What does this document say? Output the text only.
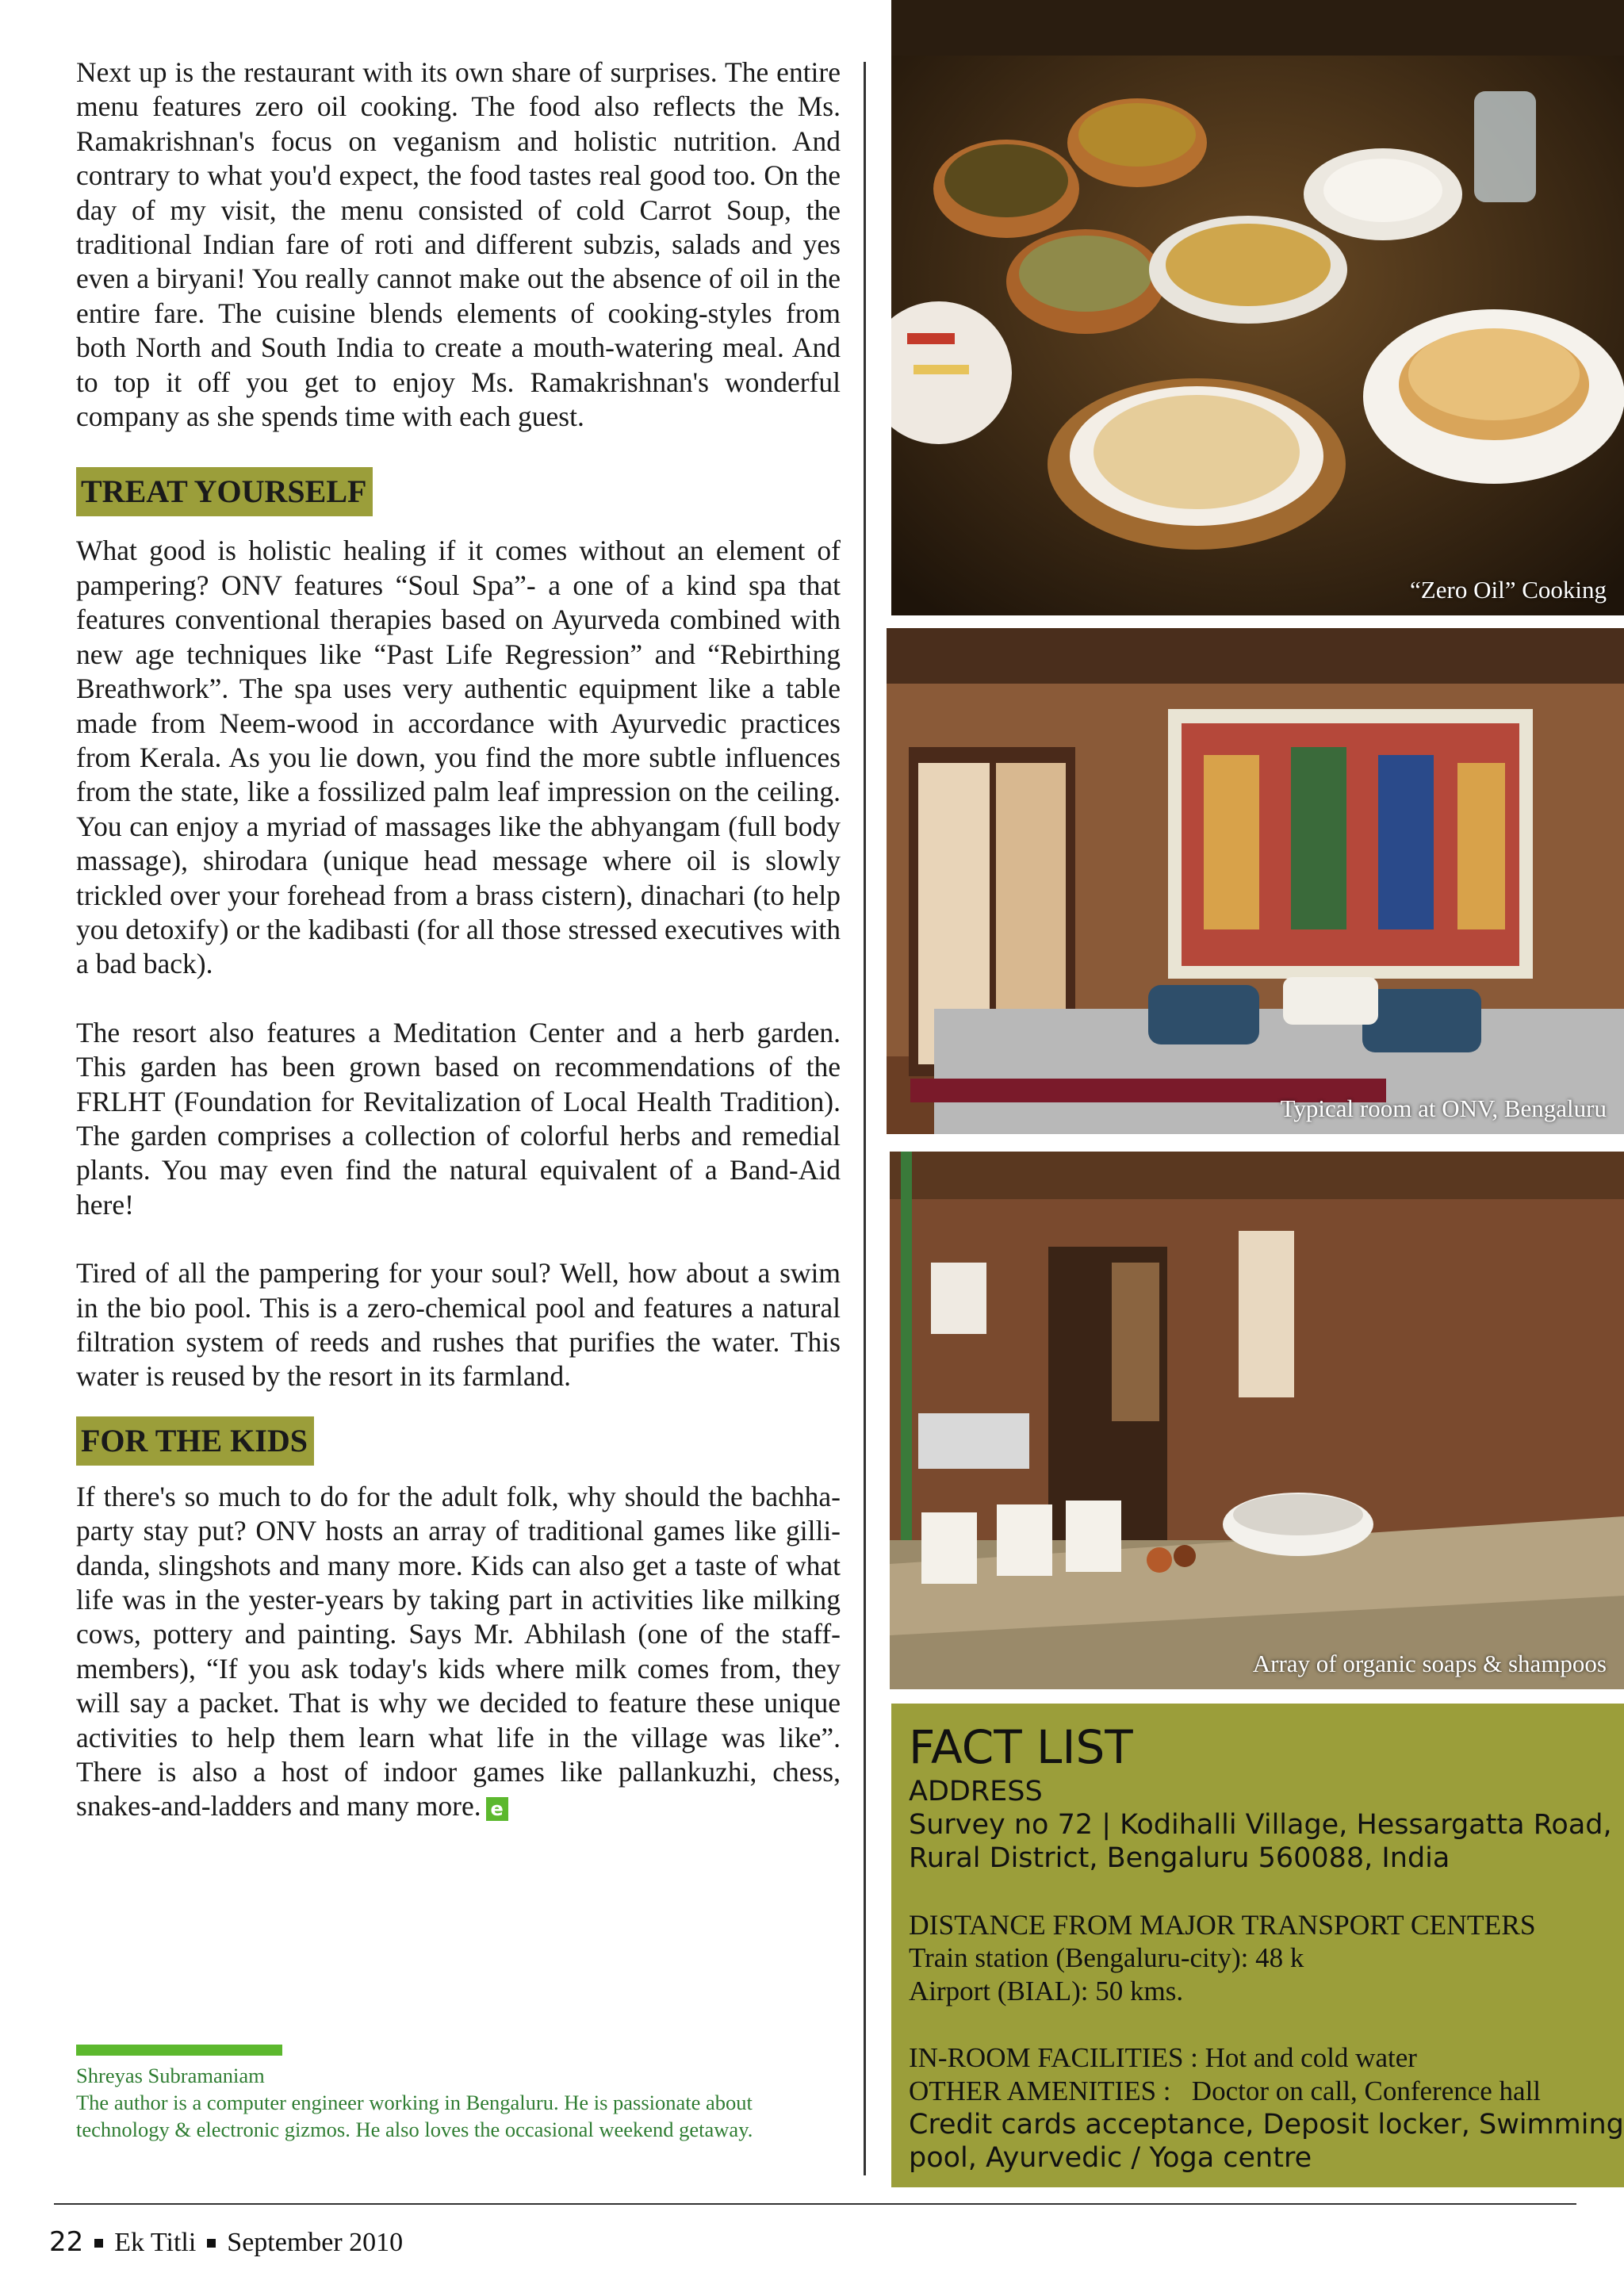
Next up is the restaurant with its own share of surprises. The entire menu features zero oil cooking. The food also reflects the Ms. Ramakrishnan's focus on veganism and holistic nutrition. And contrary to what you'd expect, the food tastes real good too. On the day of my visit, the menu consisted of cold Carrot Soup, the traditional Indian fare of roti and different subzis, salads and yes even a biryani! You really cannot make out the absence of oil in the entire fare. The cuisine blends elements of cooking-styles from both North and South India to create a mouth-watering meal. And to top it off you get to enjoy Ms. Ramakrishnan's wonderful company as she spends time with each guest.

TREAT YOURSELF

What good is holistic healing if it comes without an element of pampering? ONV features “Soul Spa”- a one of a kind spa that features conventional therapies based on Ayurveda combined with new age techniques like “Past Life Regression” and “Rebirthing Breathwork”. The spa uses very authentic equipment like a table made from Neem-wood in accordance with Ayurvedic practices from Kerala. As you lie down, you find the more subtle influences from the state, like a fossilized palm leaf impression on the ceiling. You can enjoy a myriad of massages like the abhyangam (full body massage), shirodara (unique head message where oil is slowly trickled over your forehead from a brass cistern), dinachari (to help you detoxify) or the kadibasti (for all those stressed executives with a bad back).

The resort also features a Meditation Center and a herb garden. This garden has been grown based on recommendations of the FRLHT (Foundation for Revitalization of Local Health Tradition). The garden comprises a collection of colorful herbs and remedial plants. You may even find the natural equivalent of a Band-Aid here!

Tired of all the pampering for your soul? Well, how about a swim in the bio pool. This is a zero-chemical pool and features a natural filtration system of reeds and rushes that purifies the water. This water is reused by the resort in its farmland.

FOR THE KIDS

If there's so much to do for the adult folk, why should the bachha-party stay put? ONV hosts an array of traditional games like gilli-danda, slingshots and many more. Kids can also get a taste of what life was in the yester-years by taking part in activities like milking cows, pottery and painting. Says Mr. Abhilash (one of the staff-members), “If you ask today's kids where milk comes from, they will say a packet. That is why we decided to feature these unique activities to help them learn what life in the village was like”. There is also a host of indoor games like pallankuzhi, chess, snakes-and-ladders and many more. e

Shreyas Subramaniam
The author is a computer engineer working in Bengaluru. He is passionate about technology & electronic gizmos. He also loves the occasional weekend getaway.
“Zero Oil” Cooking
Typical room at ONV, Bengaluru
Array of organic soaps & shampoos
FACT LIST
ADDRESS
Survey no 72 | Kodihalli Village, Hessargatta Road,
Rural District, Bengaluru 560088, India
DISTANCE FROM MAJOR TRANSPORT CENTERS
Train station (Bengaluru-city): 48 k
Airport (BIAL): 50 kms.
IN-ROOM FACILITIES : Hot and cold water
OTHER AMENITIES : Doctor on call, Conference hall
Credit cards acceptance, Deposit locker, Swimming
pool, Ayurvedic / Yoga centre
22 Ek Titli September 2010
